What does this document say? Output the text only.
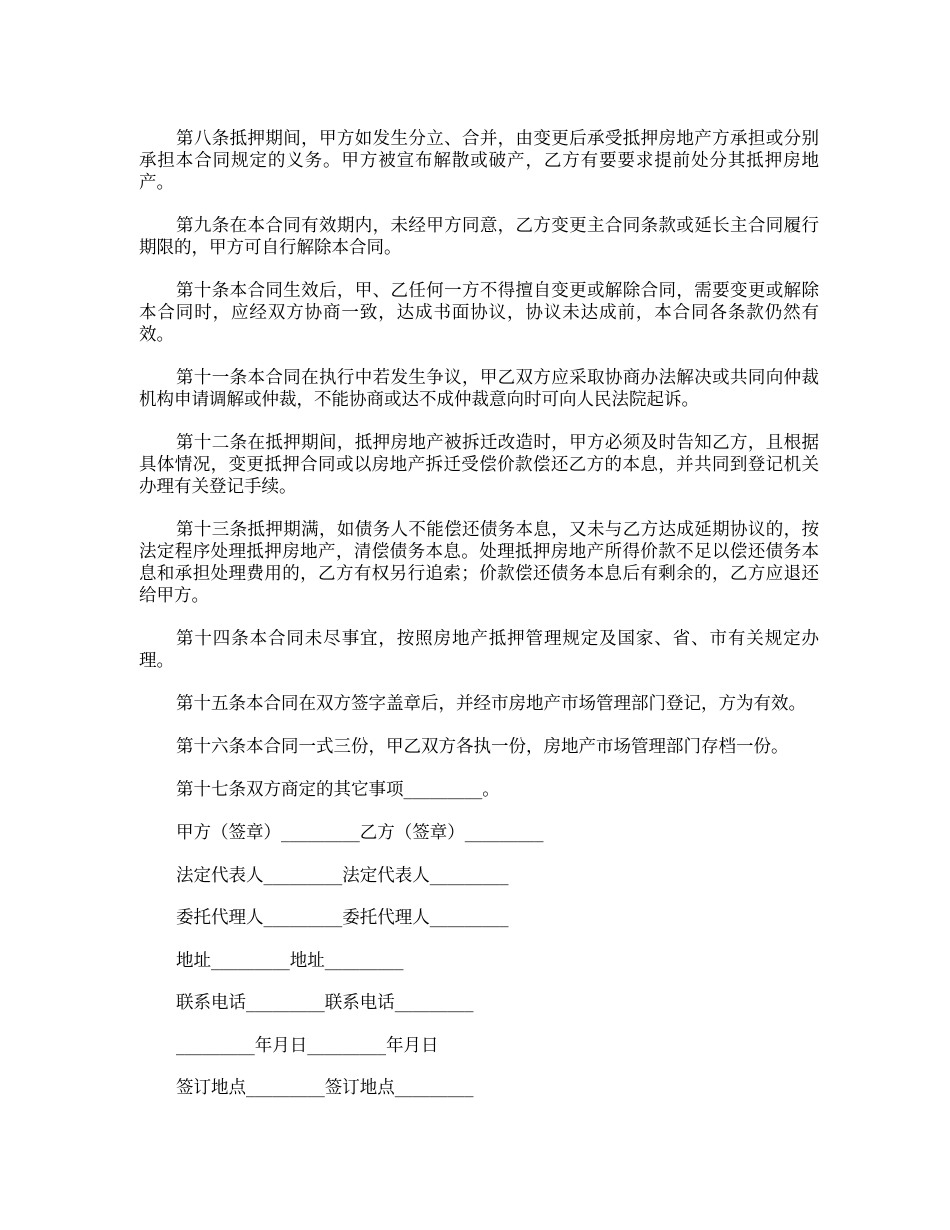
第八条抵押期间，甲方如发生分立、合并，由变更后承受抵押房地产方承担或分别承担本合同规定的义务。甲方被宣布解散或破产，乙方有要要求提前处分其抵押房地产。

第九条在本合同有效期内，未经甲方同意，乙方变更主合同条款或延长主合同履行期限的，甲方可自行解除本合同。

第十条本合同生效后，甲、乙任何一方不得擅自变更或解除合同，需要变更或解除本合同时，应经双方协商一致，达成书面协议，协议未达成前，本合同各条款仍然有效。

第十一条本合同在执行中若发生争议，甲乙双方应采取协商办法解决或共同向仲裁机构申请调解或仲裁，不能协商或达不成仲裁意向时可向人民法院起诉。

第十二条在抵押期间，抵押房地产被拆迁改造时，甲方必须及时告知乙方，且根据具体情况，变更抵押合同或以房地产拆迁受偿价款偿还乙方的本息，并共同到登记机关办理有关登记手续。

第十三条抵押期满，如债务人不能偿还债务本息，又未与乙方达成延期协议的，按法定程序处理抵押房地产，清偿债务本息。处理抵押房地产所得价款不足以偿还债务本息和承担处理费用的，乙方有权另行追索；价款偿还债务本息后有剩余的，乙方应退还给甲方。

第十四条本合同未尽事宜，按照房地产抵押管理规定及国家、省、市有关规定办理。

第十五条本合同在双方签字盖章后，并经市房地产市场管理部门登记，方为有效。

第十六条本合同一式三份，甲乙双方各执一份，房地产市场管理部门存档一份。

第十七条双方商定的其它事项_________。

甲方（签章）_________乙方（签章）_________
法定代表人_________法定代表人_________
委托代理人_________委托代理人_________
地址_________地址_________
联系电话_________联系电话_________
_________年月日_________年月日
签订地点_________签订地点_________
